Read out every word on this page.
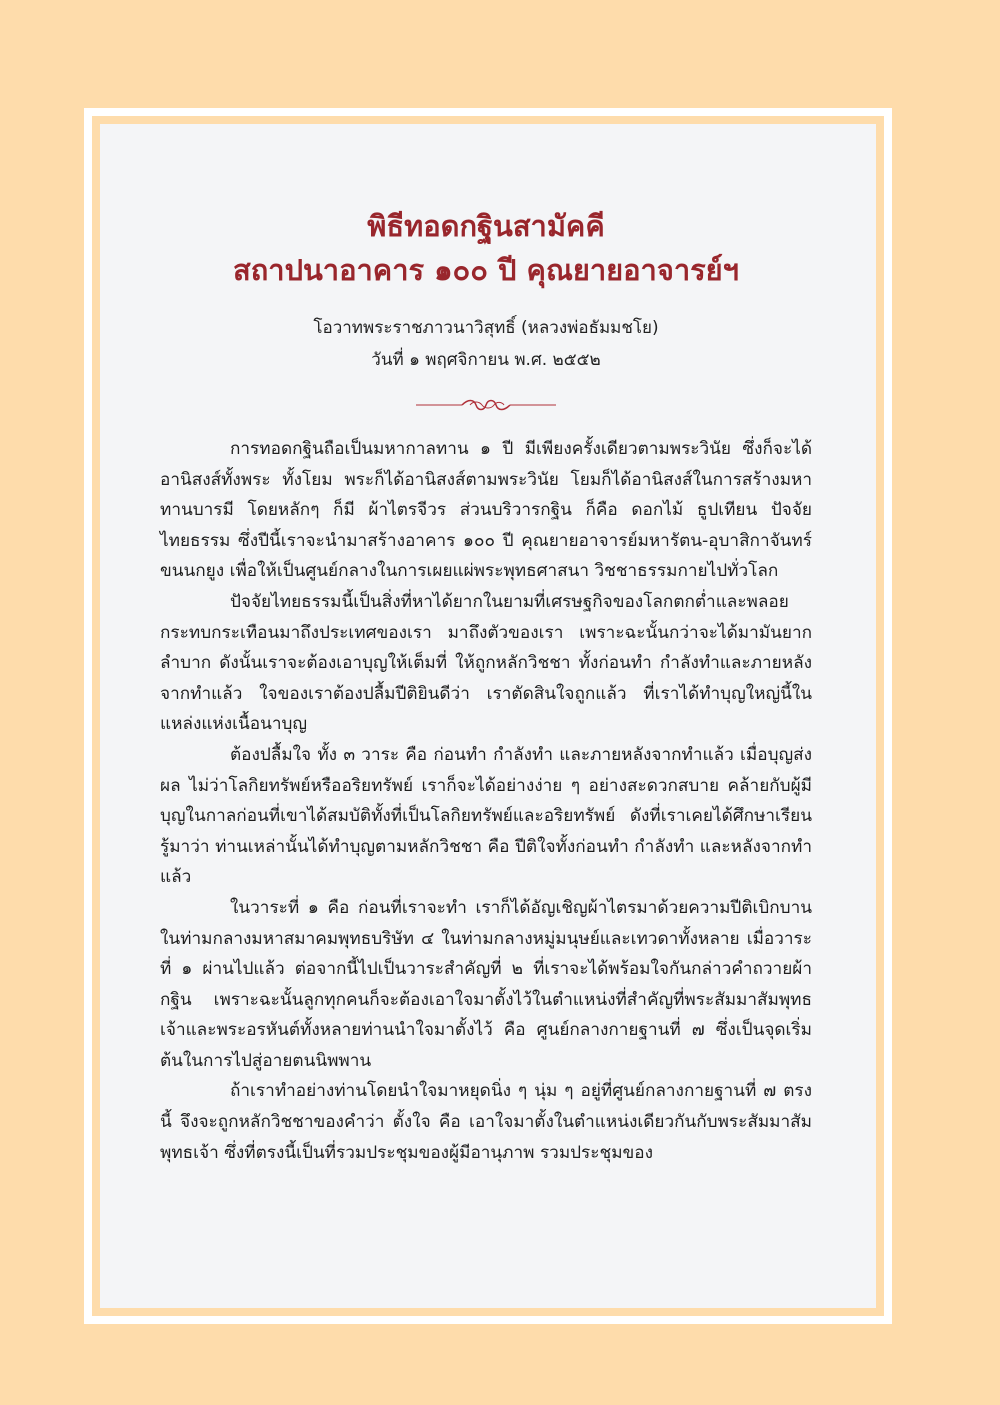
พิธีทอดกฐินสามัคคี
สถาปนาอาคาร ๑๐๐ ปี คุณยายอาจารย์ฯ

โอวาทพระราชภาวนาวิสุทธิ์ (หลวงพ่อธัมมชโย)

วันที่ ๑ พฤศจิกายน พ.ศ. ๒๕๕๒

การทอดกฐินถือเป็นมหากาลทาน ๑ ปี มีเพียงครั้งเดียวตามพระวินัย ซึ่งก็จะได้อานิสงส์ทั้งพระ ทั้งโยม พระก็ได้อานิสงส์ตามพระวินัย โยมก็ได้อานิสงส์ในการสร้างมหาทานบารมี โดยหลักๆ ก็มี ผ้าไตรจีวร ส่วนบริวารกฐิน ก็คือ ดอกไม้ ธูปเทียน ปัจจัยไทยธรรม ซึ่งปีนี้เราจะนำมาสร้างอาคาร ๑๐๐ ปี คุณยายอาจารย์มหารัตน-อุบาสิกาจันทร์ ขนนกยูง เพื่อให้เป็นศูนย์กลางในการเผยแผ่พระพุทธศาสนา วิชชาธรรมกายไปทั่วโลก

ปัจจัยไทยธรรมนี้เป็นสิ่งที่หาได้ยากในยามที่เศรษฐกิจของโลกตกต่ำและพลอยกระทบกระเทือนมาถึงประเทศของเรา มาถึงตัวของเรา เพราะฉะนั้นกว่าจะได้มามันยากลำบาก ดังนั้นเราจะต้องเอาบุญให้เต็มที่ ให้ถูกหลักวิชชา ทั้งก่อนทำ กำลังทำและภายหลังจากทำแล้ว ใจของเราต้องปลื้มปีติยินดีว่า เราตัดสินใจถูกแล้ว ที่เราได้ทำบุญใหญ่นี้ในแหล่งแห่งเนื้อนาบุญ

ต้องปลื้มใจ ทั้ง ๓ วาระ คือ ก่อนทำ กำลังทำ และภายหลังจากทำแล้ว เมื่อบุญส่งผล ไม่ว่าโลกิยทรัพย์หรืออริยทรัพย์ เราก็จะได้อย่างง่าย ๆ อย่างสะดวกสบาย คล้ายกับผู้มีบุญในกาลก่อนที่เขาได้สมบัติทั้งที่เป็นโลกิยทรัพย์และอริยทรัพย์ ดังที่เราเคยได้ศึกษาเรียนรู้มาว่า ท่านเหล่านั้นได้ทำบุญตามหลักวิชชา คือ ปีติใจทั้งก่อนทำ กำลังทำ และหลังจากทำแล้ว

ในวาระที่ ๑ คือ ก่อนที่เราจะทำ เราก็ได้อัญเชิญผ้าไตรมาด้วยความปีติเบิกบาน ในท่ามกลางมหาสมาคมพุทธบริษัท ๔ ในท่ามกลางหมู่มนุษย์และเทวดาทั้งหลาย เมื่อวาระที่ ๑ ผ่านไปแล้ว ต่อจากนี้ไปเป็นวาระสำคัญที่ ๒ ที่เราจะได้พร้อมใจกันกล่าวคำถวายผ้ากฐิน เพราะฉะนั้นลูกทุกคนก็จะต้องเอาใจมาตั้งไว้ในตำแหน่งที่สำคัญที่พระสัมมาสัมพุทธเจ้าและพระอรหันต์ทั้งหลายท่านนำใจมาตั้งไว้ คือ ศูนย์กลางกายฐานที่ ๗ ซึ่งเป็นจุดเริ่มต้นในการไปสู่อายตนนิพพาน

ถ้าเราทำอย่างท่านโดยนำใจมาหยุดนิ่ง ๆ นุ่ม ๆ อยู่ที่ศูนย์กลางกายฐานที่ ๗ ตรงนี้ จึงจะถูกหลักวิชชาของคำว่า ตั้งใจ คือ เอาใจมาตั้งในตำแหน่งเดียวกันกับพระสัมมาสัมพุทธเจ้า ซึ่งที่ตรงนี้เป็นที่รวมประชุมของผู้มีอานุภาพ รวมประชุมของ
